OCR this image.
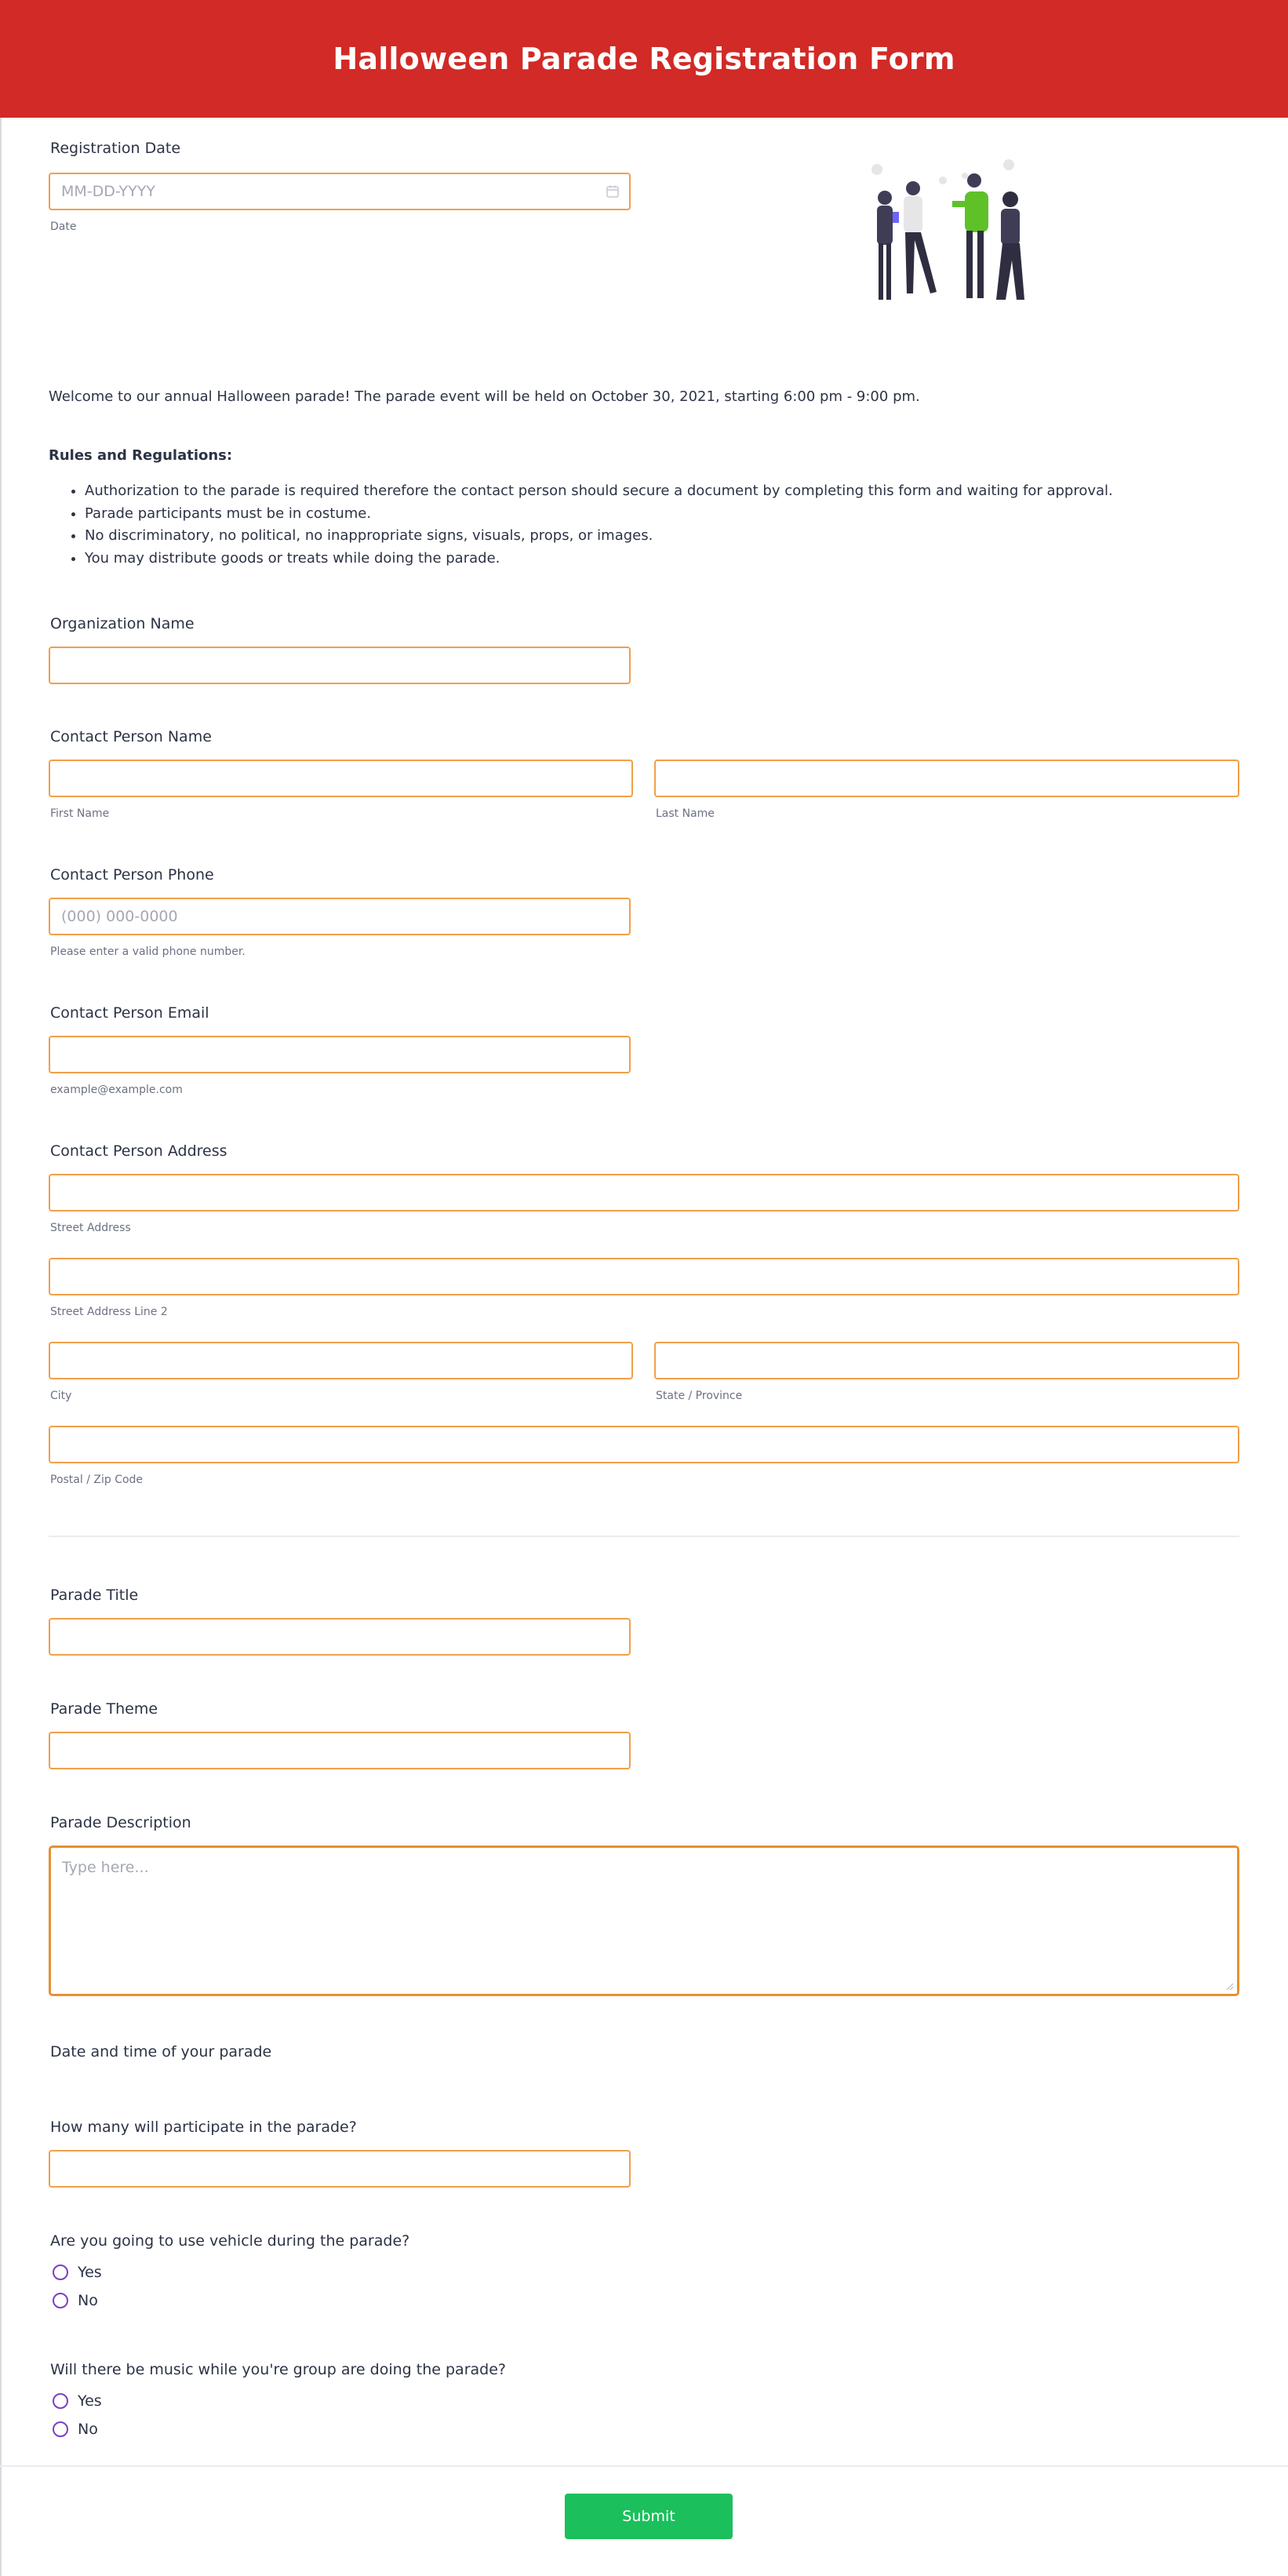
Halloween Parade Registration Form
Registration Date
MM-DD-YYYY
Date
Welcome to our annual Halloween parade! The parade event will be held on October 30, 2021, starting 6:00 pm - 9:00 pm.
Rules and Regulations:
• Authorization to the parade is required therefore the contact person should secure a document by completing this form and waiting for approval.
• Parade participants must be in costume.
• No discriminatory, no political, no inappropriate signs, visuals, props, or images.
• You may distribute goods or treats while doing the parade.
Organization Name
Contact Person Name
First Name	Last Name
Contact Person Phone
(000) 000-0000
Please enter a valid phone number.
Contact Person Email
example@example.com
Contact Person Address
Street Address
Street Address Line 2
City	State / Province
Postal / Zip Code
Parade Title
Parade Theme
Parade Description
Type here...
Date and time of your parade
How many will participate in the parade?
Are you going to use vehicle during the parade?
Yes
No
Will there be music while you're group are doing the parade?
Yes
No
Submit
